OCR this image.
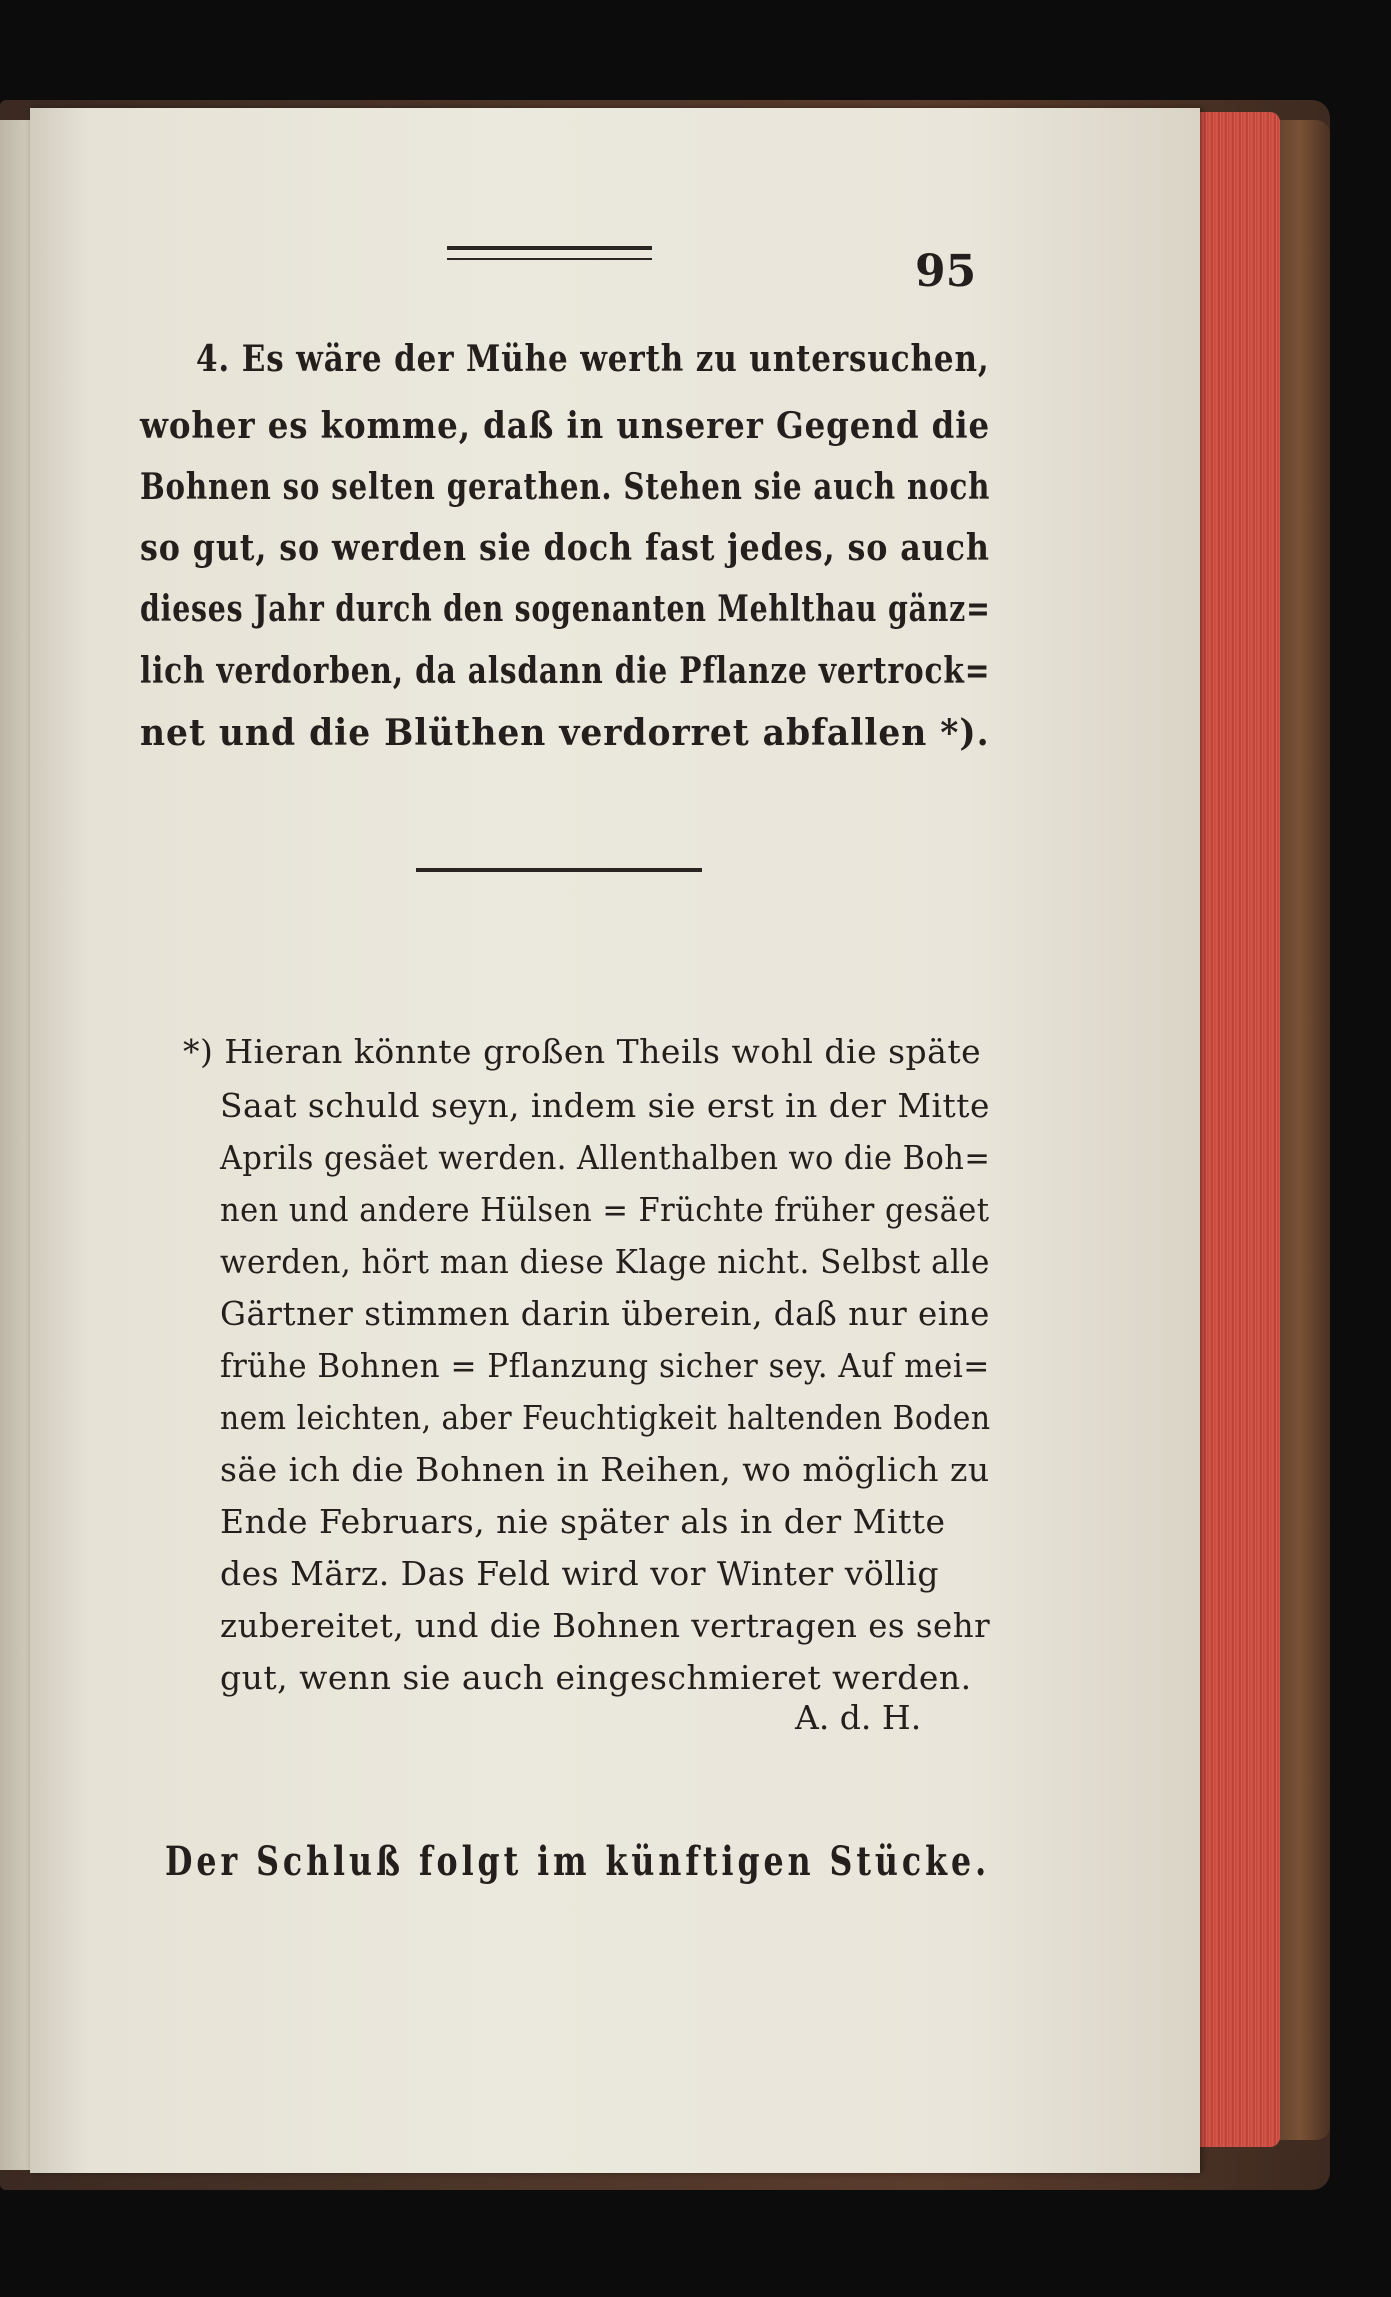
95
4. Es wäre der Mühe werth zu untersuchen,
woher es komme, daß in unserer Gegend die
Bohnen so selten gerathen. Stehen sie auch noch
so gut, so werden sie doch fast jedes, so auch
dieses Jahr durch den sogenanten Mehlthau gänz=
lich verdorben, da alsdann die Pflanze vertrock=
net und die Blüthen verdorret abfallen *).
*) Hieran könnte großen Theils wohl die späte
Saat schuld seyn, indem sie erst in der Mitte
Aprils gesäet werden. Allenthalben wo die Boh=
nen und andere Hülsen = Früchte früher gesäet
werden, hört man diese Klage nicht. Selbst alle
Gärtner stimmen darin überein, daß nur eine
frühe Bohnen = Pflanzung sicher sey. Auf mei=
nem leichten, aber Feuchtigkeit haltenden Boden
säe ich die Bohnen in Reihen, wo möglich zu
Ende Februars, nie später als in der Mitte
des März. Das Feld wird vor Winter völlig
zubereitet, und die Bohnen vertragen es sehr
gut, wenn sie auch eingeschmieret werden.
A. d. H.
Der Schluß folgt im künftigen Stücke.
